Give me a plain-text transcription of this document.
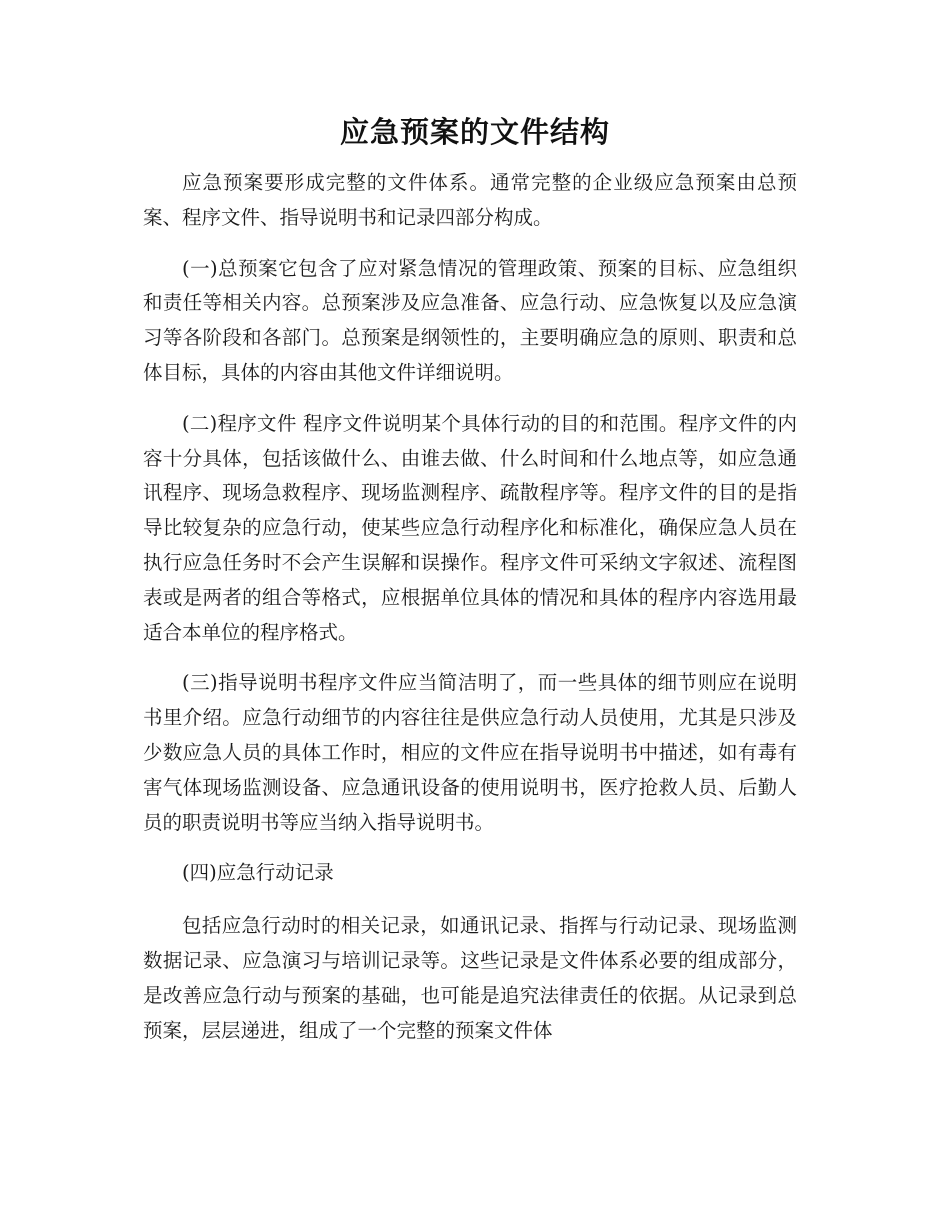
应急预案的文件结构

应急预案要形成完整的文件体系。通常完整的企业级应急预案由总预案、程序文件、指导说明书和记录四部分构成。

(一)总预案它包含了应对紧急情况的管理政策、预案的目标、应急组织和责任等相关内容。总预案涉及应急准备、应急行动、应急恢复以及应急演习等各阶段和各部门。总预案是纲领性的，主要明确应急的原则、职责和总体目标，具体的内容由其他文件详细说明。

(二)程序文件 程序文件说明某个具体行动的目的和范围。程序文件的内容十分具体，包括该做什么、由谁去做、什么时间和什么地点等，如应急通讯程序、现场急救程序、现场监测程序、疏散程序等。程序文件的目的是指导比较复杂的应急行动，使某些应急行动程序化和标准化，确保应急人员在执行应急任务时不会产生误解和误操作。程序文件可采纳文字叙述、流程图表或是两者的组合等格式，应根据单位具体的情况和具体的程序内容选用最适合本单位的程序格式。

(三)指导说明书程序文件应当简洁明了，而一些具体的细节则应在说明书里介绍。应急行动细节的内容往往是供应急行动人员使用，尤其是只涉及少数应急人员的具体工作时，相应的文件应在指导说明书中描述，如有毒有害气体现场监测设备、应急通讯设备的使用说明书，医疗抢救人员、后勤人员的职责说明书等应当纳入指导说明书。

(四)应急行动记录

包括应急行动时的相关记录，如通讯记录、指挥与行动记录、现场监测数据记录、应急演习与培训记录等。这些记录是文件体系必要的组成部分，是改善应急行动与预案的基础，也可能是追究法律责任的依据。从记录到总预案，层层递进，组成了一个完整的预案文件体
